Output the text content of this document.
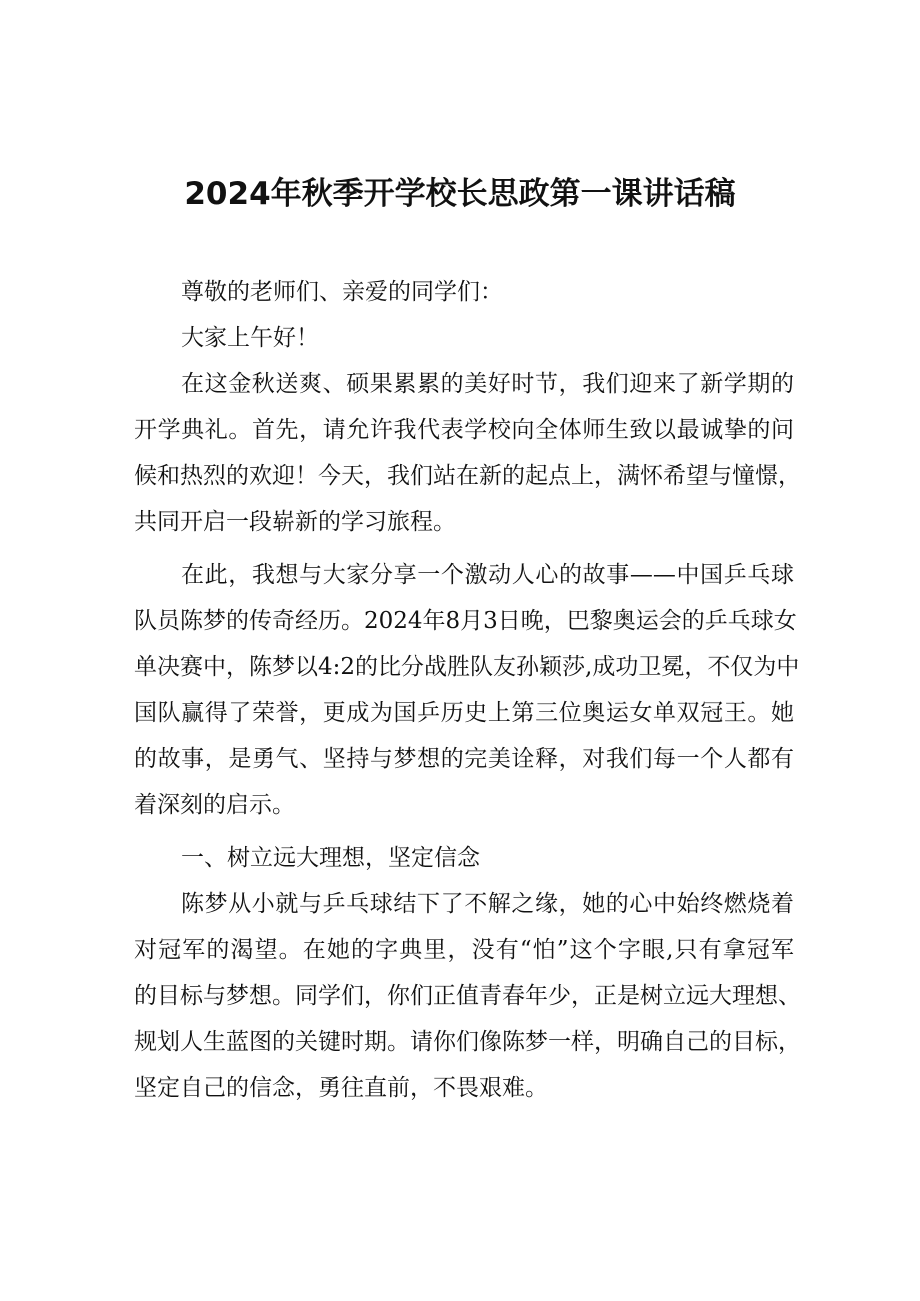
2024年秋季开学校长思政第一课讲话稿

尊敬的老师们、亲爱的同学们：

大家上午好！

在这金秋送爽、硕果累累的美好时节，我们迎来了新学期的

开学典礼。首先，请允许我代表学校向全体师生致以最诚挚的问

候和热烈的欢迎！今天，我们站在新的起点上，满怀希望与憧憬，

共同开启一段崭新的学习旅程。

在此，我想与大家分享一个激动人心的故事——中国乒乓球

队员陈梦的传奇经历。2024年8月3日晚，巴黎奥运会的乒乓球女

单决赛中，陈梦以4:2的比分战胜队友孙颖莎,成功卫冕，不仅为中

国队赢得了荣誉，更成为国乒历史上第三位奥运女单双冠王。她

的故事，是勇气、坚持与梦想的完美诠释，对我们每一个人都有

着深刻的启示。

一、树立远大理想，坚定信念

陈梦从小就与乒乓球结下了不解之缘，她的心中始终燃烧着

对冠军的渴望。在她的字典里，没有“怕”这个字眼,只有拿冠军

的目标与梦想。同学们，你们正值青春年少，正是树立远大理想、

规划人生蓝图的关键时期。请你们像陈梦一样，明确自己的目标，

坚定自己的信念，勇往直前，不畏艰难。
